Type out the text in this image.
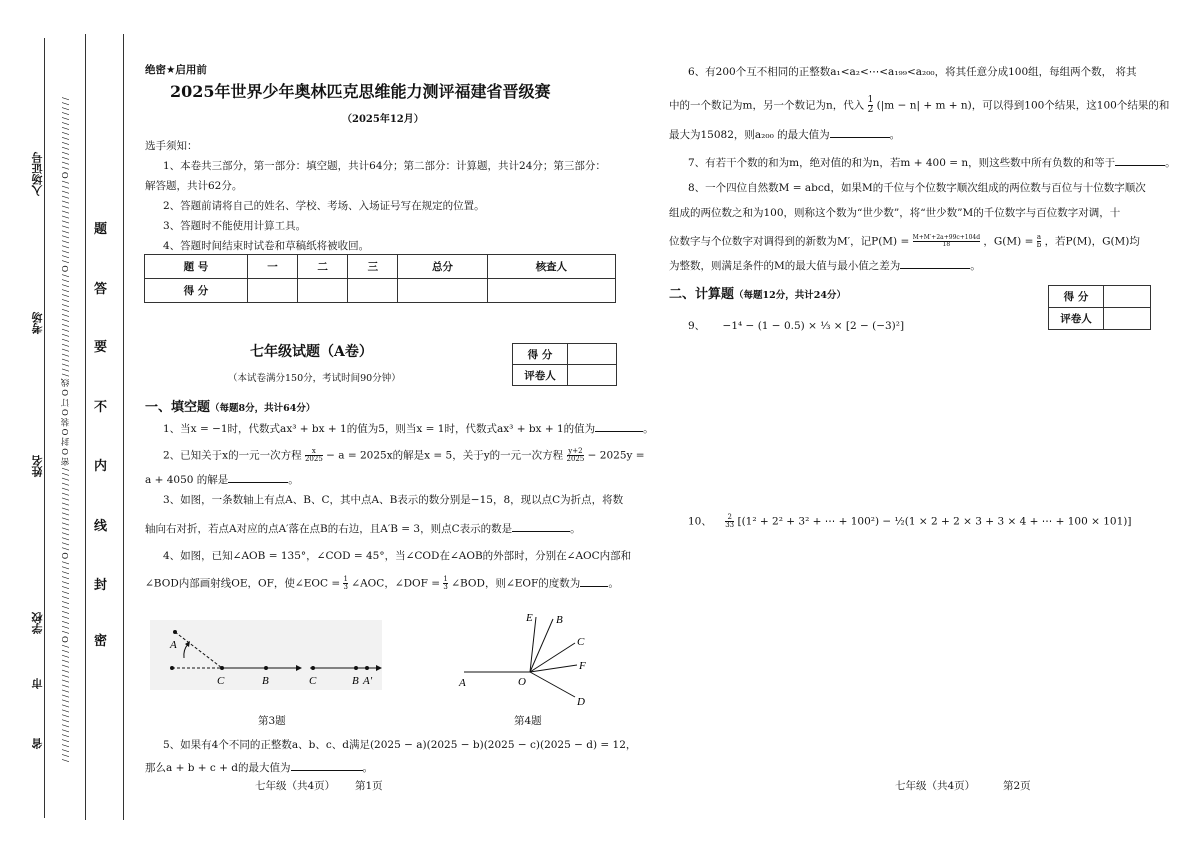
入场证号
考场
姓名
学校
市
省 / / / / / / / / / / / / / / / / / / / / / / / / O / / / / / / / / / / / / / / / O / / / / / / / / / / / / / / / / / 密 O 封 O 装 O 订 O 线 / / / / / / / / / / / / / / / / / / / / / O / / / / / / / / / / / / / / / / / O / / / / / / / / / / / / / / / 题
答
要
不
内
线
封
密
绝密★启用前
2025年世界少年奥林匹克思维能力测评福建省晋级赛
（2025年12月）
选手须知：
1、本卷共三部分，第一部分：填空题，共计64分；第二部分：计算题，共计24分；第三部分：
解答题，共计62分。
2、答题前请将自己的姓名、学校、考场、入场证号写在规定的位置。
3、答题时不能使用计算工具。
4、答题时间结束时试卷和草稿纸将被收回。
题 号	一	二	三	总分	核查人
得 分					
七年级试题（A卷）
（本试卷满分150分，考试时间90分钟）
得 分	
评卷人	
一、填空题（每题8分，共计64分）
1、当x = −1时，代数式ax³ + bx + 1的值为5，则当x = 1时，代数式ax³ + bx + 1的值为	。
2、已知关于x的一元一次方程 $\frac{x}{2025} - a = 2025x$的解是x = 5，关于y的一元一次方程 $\frac{y+2}{2025} - 2025y$ =
a + 4050 的解是	。
3、如图，一条数轴上有点A、B、C，其中点A、B表示的数分别是−15，8，现以点C为折点，将数
轴向右对折，若点A对应的点A′落在点B的右边，且A′B = 3，则点C表示的数是	。
4、如图，已知∠AOB = 135°，∠COD = 45°，当∠COD在∠AOB的外部时，分别在∠AOC内部和
∠BOD内部画射线OE，OF，使∠EOC = $\frac{1}{3}$ ∠AOC，∠DOF = $\frac{1}{3}$ ∠BOD，则∠EOF的度数为	。
A
C	B	C	B A′
E B
C
F
A	O
D
第3题	第4题
5、如果有4个不同的正整数a、b、c、d满足(2025 − a)(2025 − b)(2025 − c)(2025 − d) = 12，
那么a + b + c + d的最大值为	。
七年级（共4页） 第1页
6、有200个互不相同的正整数a₁<a₂<⋯<a₁₉₉<a₂₀₀，将其任意分成100组，每组两个数， 将其
中的一个数记为m，另一个数记为n，代入 $\frac{1}{2} (|m - n| + m + n)$，可以得到100个结果，这100个结果的和
最大为15082，则a₂₀₀ 的最大值为	。
7、有若干个数的和为m，绝对值的和为n，若m + 400 = n，则这些数中所有负数的和等于	。
8、一个四位自然数M = abcd，如果M的千位与个位数字顺次组成的两位数与百位与十位数字顺次
组成的两位数之和为100，则称这个数为“世少数”，将“世少数”M的千位数字与百位数字对调，十
位数字与个位数字对调得到的新数为M′，记$P(M) = \frac{M+M'+2a+99c+104d}{18}$ ，$G(M) = \frac{a}{b}$ ，若P(M)，G(M)均
为整数，则满足条件的M的最大值与最小值之差为	。
二、计算题（每题12分，共计24分）	得 分	
评卷人	
9、 −1⁴ − (1 − 0.5) × ⅓ × [2 − (−3)²]
10、 $\frac{2}{33} [(1^2 + 2^2 + 3^2$ + ⋯ + 100²) − ½(1 × 2 + 2 × 3 + 3 × 4 + ⋯ + 100 × 101)]
七年级（共4页）	第2页
